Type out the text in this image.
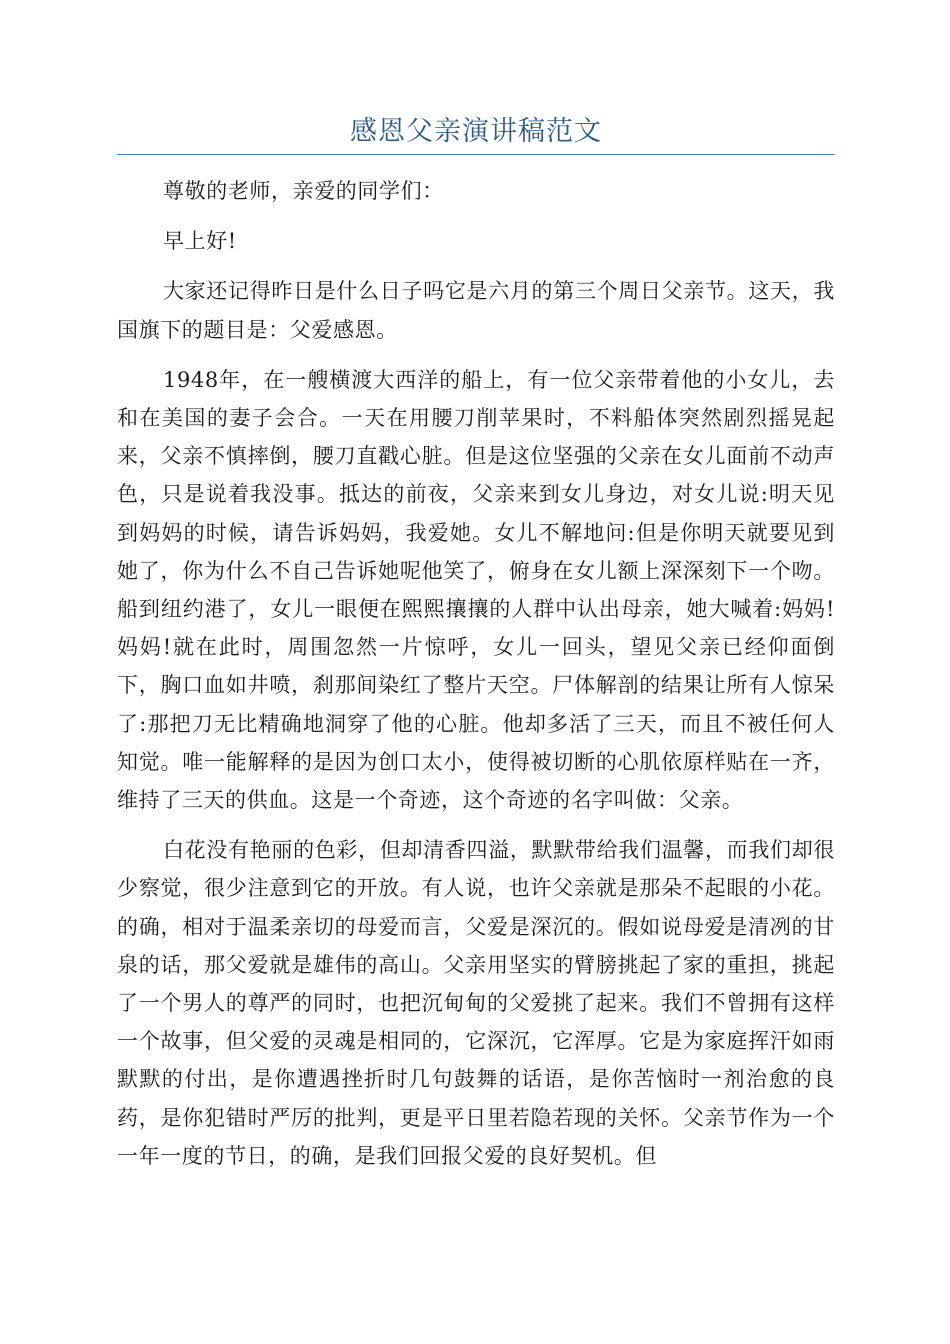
感恩父亲演讲稿范文

尊敬的老师，亲爱的同学们：

早上好!

大家还记得昨日是什么日子吗它是六月的第三个周日父亲节。这天，我国旗下的题目是：父爱感恩。

1948年，在一艘横渡大西洋的船上，有一位父亲带着他的小女儿，去和在美国的妻子会合。一天在用腰刀削苹果时，不料船体突然剧烈摇晃起来，父亲不慎摔倒，腰刀直戳心脏。但是这位坚强的父亲在女儿面前不动声色，只是说着我没事。抵达的前夜，父亲来到女儿身边，对女儿说:明天见到妈妈的时候，请告诉妈妈，我爱她。女儿不解地问:但是你明天就要见到她了，你为什么不自己告诉她呢他笑了，俯身在女儿额上深深刻下一个吻。船到纽约港了，女儿一眼便在熙熙攘攘的人群中认出母亲，她大喊着:妈妈!妈妈!就在此时，周围忽然一片惊呼，女儿一回头，望见父亲已经仰面倒下，胸口血如井喷，刹那间染红了整片天空。尸体解剖的结果让所有人惊呆了:那把刀无比精确地洞穿了他的心脏。他却多活了三天，而且不被任何人知觉。唯一能解释的是因为创口太小，使得被切断的心肌依原样贴在一齐，维持了三天的供血。这是一个奇迹，这个奇迹的名字叫做：父亲。

白花没有艳丽的色彩，但却清香四溢，默默带给我们温馨，而我们却很少察觉，很少注意到它的开放。有人说，也许父亲就是那朵不起眼的小花。的确，相对于温柔亲切的母爱而言，父爱是深沉的。假如说母爱是清冽的甘泉的话，那父爱就是雄伟的高山。父亲用坚实的臂膀挑起了家的重担，挑起了一个男人的尊严的同时，也把沉甸甸的父爱挑了起来。我们不曾拥有这样一个故事，但父爱的灵魂是相同的，它深沉，它浑厚。它是为家庭挥汗如雨默默的付出，是你遭遇挫折时几句鼓舞的话语，是你苦恼时一剂治愈的良药，是你犯错时严厉的批判，更是平日里若隐若现的关怀。父亲节作为一个一年一度的节日，的确，是我们回报父爱的良好契机。但
